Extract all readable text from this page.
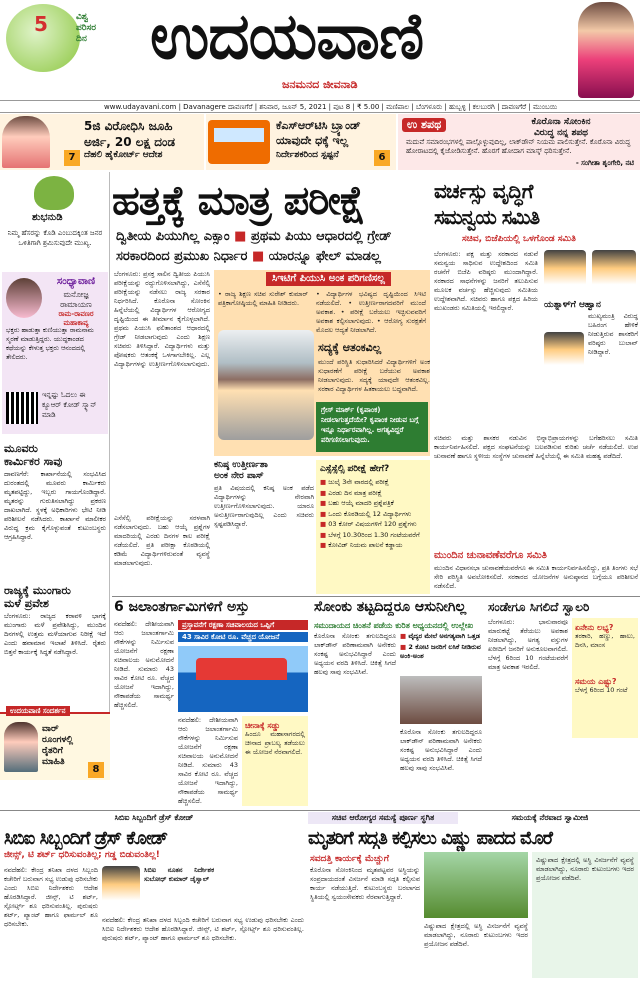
5	ವಿಶ್ವ
ಪರಿಸರ
ದಿನ ಉದಯವಾಣಿ
ಜನಮನದ ಜೀವನಾಡಿ
www.udayavani.com | Davanagere ದಾವಣಗೆರೆ | ಶನಿವಾರ, ಜೂನ್ 5, 2021 | ಪುಟ 8 | ₹ 5.00 | ಮಣಿಪಾಲ | ಬೆಂಗಳೂರು | ಹುಬ್ಬಳ್ಳಿ | ಕಲಬುರಗಿ | ದಾವಣಗೆರೆ | ಮುಂಬಯಿ
5ಜಿ ವಿರೋಧಿಸಿ ಜೂಹಿ
ಅರ್ಜಿ, 20 ಲಕ್ಷ ದಂಡ
ದೆಹಲಿ ಹೈಕೋರ್ಟ್ ಆದೇಶ
7
ಕೆಎಸ್ಆರ್‌ಟಿಸಿ ಬ್ರ್ಯಾಂಡ್
ಯಾವುದೇ ಧಕ್ಕೆ ಇಲ್ಲ
ನಿರ್ದೇಶಕರಿಂದ ಸ್ಪಷ್ಟನೆ	6
ಉ ಶಪಥ	ಕೊರೊನಾ ಸೋಂಕಿನ
ವಿರುದ್ಧ ನನ್ನ ಶಪಥ
ಮದುವೆ ಸಮಾರಂಭಗಳಲ್ಲಿ ಪಾಲ್ಗೊಳ್ಳುವುದಿಲ್ಲ, ಲಾಕ್‌ಡೌನ್ ನಿಯಮ ಪಾಲಿಸುತ್ತೇನೆ. ಕೊರೊನಾ ವಿರುದ್ಧ ಹೋರಾಟದಲ್ಲಿ ಕೈಜೋಡಿಸುತ್ತೇನೆ. ಹೊರಗೆ ಹೋದಾಗ ಮಾಸ್ಕ್ ಧರಿಸುತ್ತೇನೆ.
- ಸಂಗೀತಾ ಶೃಂಗೇರಿ, ನಟಿ
ಶುಭನುಡಿ
ನಿಮ್ಮ ಹೆಸರನ್ನು ಕೊಡಿ ಎಂಬುದಕ್ಕಿಂತ ಜನರ ಒಳಿತಿಗಾಗಿ ಶ್ರಮಿಸುವುದೇ ಮುಖ್ಯ.
ಸಂಧ್ಯಾವಾಣಿ
ಮನೋಜ್ಞ
ರಾಮಾಯಣ
ರಾಮ-ರಾವಣರ
ಮಹಾಕಾವ್ಯ
ಭಕ್ತರು ಹಾಡುತ್ತಾ ಕುಣಿಯುತ್ತಾ ರಾಮನಾಮ ಸ್ಮರಣೆ ಮಾಡುತ್ತಿದ್ದರು. ಯುದ್ಧಕಾಂಡದ ಕಥೆಯನ್ನು ಕೇಳುತ್ತ ಭಕ್ತರು ಆನಂದದಲ್ಲಿ ತೇಲಿದರು.
ಇನ್ನಷ್ಟು ಓದಲು ಈ ಕ್ಯೂಆರ್ ಕೋಡ್ ಸ್ಕ್ಯಾನ್ ಮಾಡಿ
ಮೂವರು
ಕಾರ್ಮಿಕರ ಸಾವು
ದಾವಣಗೆರೆ: ಕಾರ್ಖಾನೆಯಲ್ಲಿ ಸಂಭವಿಸಿದ ದುರಂತದಲ್ಲಿ ಮೂವರು ಕಾರ್ಮಿಕರು ಮೃತಪಟ್ಟಿದ್ದು, ಇಬ್ಬರು ಗಾಯಗೊಂಡಿದ್ದಾರೆ. ಮೃತರನ್ನು ಗುರುತಿಸಲಾಗಿದ್ದು ಪ್ರಕರಣ ದಾಖಲಾಗಿದೆ. ಸ್ಥಳಕ್ಕೆ ಅಧಿಕಾರಿಗಳು ಭೇಟಿ ನೀಡಿ ಪರಿಶೀಲನೆ ನಡೆಸಿದರು. ಕಾರ್ಖಾನೆ ಮಾಲೀಕರ ವಿರುದ್ಧ ಕ್ರಮ ಕೈಗೊಳ್ಳುವಂತೆ ಕುಟುಂಬಸ್ಥರು ಆಗ್ರಹಿಸಿದ್ದಾರೆ.
ರಾಜ್ಯಕ್ಕೆ ಮುಂಗಾರು
ಮಳೆ ಪ್ರವೇಶ
ಬೆಂಗಳೂರು: ರಾಜ್ಯದ ಕರಾವಳಿ ಭಾಗಕ್ಕೆ ಮುಂಗಾರು ಮಳೆ ಪ್ರವೇಶಿಸಿದ್ದು, ಮುಂದಿನ ದಿನಗಳಲ್ಲಿ ಉತ್ತಮ ಮಳೆಯಾಗುವ ನಿರೀಕ್ಷೆ ಇದೆ ಎಂದು ಹವಾಮಾನ ಇಲಾಖೆ ತಿಳಿಸಿದೆ. ರೈತರು ಬಿತ್ತನೆ ಕಾರ್ಯಕ್ಕೆ ಸಿದ್ಧತೆ ನಡೆಸಿದ್ದಾರೆ.
ಉದಯವಾಣಿ ಸಂದರ್ಶನ
ವಾರ್
ರೂಂಗಳಲ್ಲಿ
ರೈತರಿಗೆ
ಮಾಹಿತಿ
8
ಹತ್ತಕ್ಕೆ ಮಾತ್ರ ಪರೀಕ್ಷೆ
ದ್ವಿತೀಯ ಪಿಯುಗಿಲ್ಲ ಎಕ್ಸಾಂ ■ ಪ್ರಥಮ ಪಿಯು ಆಧಾರದಲ್ಲಿ ಗ್ರೇಡ್
ಸರಕಾರದಿಂದ ಪ್ರಮುಖ ನಿರ್ಧಾರ ■ ಯಾರನ್ನೂ ಫೇಲ್ ಮಾಡಲ್ಲ
ಬೆಂಗಳೂರು: ಪ್ರಸಕ್ತ ಸಾಲಿನ ದ್ವಿತೀಯ ಪಿಯುಸಿ ಪರೀಕ್ಷೆಯನ್ನು ರದ್ದುಗೊಳಿಸಲಾಗಿದ್ದು, ಎಸೆಸೆಲ್ಸಿ ಪರೀಕ್ಷೆಯನ್ನು ನಡೆಸಲು ರಾಜ್ಯ ಸರಕಾರ ನಿರ್ಧರಿಸಿದೆ. ಕೊರೊನಾ ಸೋಂಕಿನ ಹಿನ್ನೆಲೆಯಲ್ಲಿ ವಿದ್ಯಾರ್ಥಿಗಳ ಆರೋಗ್ಯದ ದೃಷ್ಟಿಯಿಂದ ಈ ತೀರ್ಮಾನ ಕೈಗೊಳ್ಳಲಾಗಿದೆ. ಪ್ರಥಮ ಪಿಯುಸಿ ಫಲಿತಾಂಶದ ಆಧಾರದಲ್ಲಿ ಗ್ರೇಡ್ ನೀಡಲಾಗುವುದು ಎಂದು ಶಿಕ್ಷಣ ಸಚಿವರು ತಿಳಿಸಿದ್ದಾರೆ. ವಿದ್ಯಾರ್ಥಿಗಳು ಮತ್ತು ಪೋಷಕರು ಆತಂಕಕ್ಕೆ ಒಳಗಾಗಬೇಕಿಲ್ಲ. ಎಲ್ಲ ವಿದ್ಯಾರ್ಥಿಗಳನ್ನು ಉತ್ತೀರ್ಣಗೊಳಿಸಲಾಗುವುದು.
ಸಿಇಟಿಗೆ ಪಿಯುಸಿ ಅಂಕ ಪರಿಗಣಿಸಲ್ಲ
• ರಾಜ್ಯ ಶಿಕ್ಷಣ ಸಚಿವ ಸುರೇಶ್ ಕುಮಾರ್ ಪತ್ರಿಕಾಗೋಷ್ಠಿಯಲ್ಲಿ ಮಾಹಿತಿ ನೀಡಿದರು.
• ವಿದ್ಯಾರ್ಥಿಗಳ ಭವಿಷ್ಯದ ದೃಷ್ಟಿಯಿಂದ ಸಿಇಟಿ ನಡೆಯಲಿದೆ. • ಉತ್ತೀರ್ಣರಾಗದವರಿಗೆ ಮುಂದೆ ಅವಕಾಶ. • ಪರೀಕ್ಷೆ ಬರೆಯಲು ಇಚ್ಛಿಸುವವರಿಗೆ ಅವಕಾಶ ಕಲ್ಪಿಸಲಾಗುವುದು. • ಆರೋಗ್ಯ ಸುರಕ್ಷತೆಗೆ ಮೊದಲ ಆದ್ಯತೆ ನೀಡಲಾಗಿದೆ.
ಗ್ರೇಸ್ ಮಾರ್ಕ್ (ಕೃಪಾಂಕ) ನೀಡಲಾಗುತ್ತದೆಯೇ? ಕೃಪಾಂಕ ನೀಡುವ ಬಗ್ಗೆ ಇನ್ನೂ ನಿರ್ಧಾರವಾಗಿಲ್ಲ. ಅಗತ್ಯವಿದ್ದರೆ ಪರಿಗಣಿಸಲಾಗುವುದು.
ಎಸೆಸೆಲ್ಸಿ ಪರೀಕ್ಷೆಯನ್ನು ಸರಳವಾಗಿ ನಡೆಸಲಾಗುವುದು. ಬಹು ಆಯ್ಕೆ ಪ್ರಶ್ನೆಗಳ ಮಾದರಿಯಲ್ಲಿ ಎರಡು ದಿನಗಳ ಕಾಲ ಪರೀಕ್ಷೆ ನಡೆಯಲಿದೆ. ಪ್ರತಿ ಪರೀಕ್ಷಾ ಕೊಠಡಿಯಲ್ಲಿ ಕಡಿಮೆ ವಿದ್ಯಾರ್ಥಿಗಳಿರುವಂತೆ ವ್ಯವಸ್ಥೆ ಮಾಡಲಾಗುವುದು.
ಕನಿಷ್ಠ ಉತ್ತೀರ್ಣತಾ
ಅಂಕ ನೇರ ಪಾಸ್
ಪ್ರತಿ ವಿಷಯದಲ್ಲಿ ಕನಿಷ್ಠ ಅಂಕ ಪಡೆದ ವಿದ್ಯಾರ್ಥಿಗಳನ್ನು ನೇರವಾಗಿ ಉತ್ತೀರ್ಣಗೊಳಿಸಲಾಗುವುದು. ಯಾರೂ ಅನುತ್ತೀರ್ಣರಾಗುವುದಿಲ್ಲ ಎಂದು ಸಚಿವರು ಸ್ಪಷ್ಟಪಡಿಸಿದ್ದಾರೆ.
ಎಸ್ಸೆಸ್ಸೆಲ್ಸಿ ಪರೀಕ್ಷೆ ಹೇಗೆ?
■ ಜುಲೈ 3ನೇ ವಾರದಲ್ಲಿ ಪರೀಕ್ಷೆ
■ ಎರಡು ದಿನ ಮಾತ್ರ ಪರೀಕ್ಷೆ
■ ಬಹು ಆಯ್ಕೆ ಮಾದರಿ ಪ್ರಶ್ನೆಪತ್ರಿಕೆ
■ ಒಂದು ಕೊಠಡಿಯಲ್ಲಿ 12 ವಿದ್ಯಾರ್ಥಿಗಳು
■ 03 ಕೋರ್ ವಿಷಯಗಳಿಗೆ 120 ಪ್ರಶ್ನೆಗಳು
■ ಬೆಳಗ್ಗೆ 10.30ರಿಂದ 1.30 ಗಂಟೆಯವರೆಗೆ
■ ಕೋವಿಡ್ ನಿಯಮ ಪಾಲನೆ ಕಡ್ಡಾಯ
ಸದ್ಯಕ್ಕೆ ಆತಂಕವಿಲ್ಲ
ಮುಂದೆ ಪರಿಸ್ಥಿತಿ ಸುಧಾರಿಸಿದರೆ ವಿದ್ಯಾರ್ಥಿಗಳಿಗೆ ಅಂಕ ಸುಧಾರಣೆಗೆ ಪರೀಕ್ಷೆ ಬರೆಯುವ ಅವಕಾಶ ನೀಡಲಾಗುವುದು. ಸದ್ಯಕ್ಕೆ ಯಾವುದೇ ಆತಂಕವಿಲ್ಲ. ಸರಕಾರ ವಿದ್ಯಾರ್ಥಿಗಳ ಹಿತಕಾಯಲು ಬದ್ಧವಾಗಿದೆ.
ವರ್ಚಸ್ಸು ವೃದ್ಧಿಗೆ
ಸಮನ್ವಯ ಸಮಿತಿ
ಸಚಿವ, ಬಿಜೆಪಿಯಲ್ಲಿ ಒಳಗೊಂಡ ಸಮಿತಿ
ಬೆಂಗಳೂರು: ಪಕ್ಷ ಮತ್ತು ಸರಕಾರದ ನಡುವೆ ಸಮನ್ವಯ ಸಾಧಿಸುವ ಉದ್ದೇಶದಿಂದ ಸಮಿತಿ ರಚನೆಗೆ ಬಿಜೆಪಿ ವರಿಷ್ಠರು ಮುಂದಾಗಿದ್ದಾರೆ. ಸರಕಾರದ ಸಾಧನೆಗಳನ್ನು ಜನರಿಗೆ ತಲುಪಿಸುವ ಮೂಲಕ ವರ್ಚಸ್ಸು ಹೆಚ್ಚಿಸುವುದು ಸಮಿತಿಯ ಉದ್ದೇಶವಾಗಿದೆ. ಸಚಿವರು ಹಾಗೂ ಪಕ್ಷದ ಹಿರಿಯ ಮುಖಂಡರು ಸಮಿತಿಯಲ್ಲಿ ಇರಲಿದ್ದಾರೆ.	ಯತ್ನಾಳ್‌ಗೆ ಆಹ್ವಾನ
ಮುಖ್ಯಮಂತ್ರಿ ವಿರುದ್ಧ ಬಹಿರಂಗ ಹೇಳಿಕೆ ನೀಡುತ್ತಿರುವ ಶಾಸಕರಿಗೆ ವರಿಷ್ಠರು ಬುಲಾವ್ ನೀಡಿದ್ದಾರೆ.
ಸಚಿವರು ಮತ್ತು ಶಾಸಕರ ನಡುವಿನ ಭಿನ್ನಾಭಿಪ್ರಾಯಗಳನ್ನು ಬಗೆಹರಿಸಲು ಸಮಿತಿ ಕಾರ್ಯನಿರ್ವಹಿಸಲಿದೆ. ಪಕ್ಷದ ಸಂಘಟನೆಯನ್ನು ಬಲಪಡಿಸುವ ಕುರಿತು ಚರ್ಚೆ ನಡೆಯಲಿದೆ. ಉಪ ಚುನಾವಣೆ ಹಾಗೂ ಸ್ಥಳೀಯ ಸಂಸ್ಥೆಗಳ ಚುನಾವಣೆ ಹಿನ್ನೆಲೆಯಲ್ಲಿ ಈ ಸಮಿತಿ ಮಹತ್ವ ಪಡೆದಿದೆ.
ಮುಂದಿನ ಚುನಾವಣೆವರೆಗೂ ಸಮಿತಿ
ಮುಂದಿನ ವಿಧಾನಸಭಾ ಚುನಾವಣೆಯವರೆಗೂ ಈ ಸಮಿತಿ ಕಾರ್ಯನಿರ್ವಹಿಸಲಿದ್ದು, ಪ್ರತಿ ತಿಂಗಳು ಸಭೆ ಸೇರಿ ಪರಿಸ್ಥಿತಿ ಅವಲೋಕಿಸಲಿದೆ. ಸರಕಾರದ ಯೋಜನೆಗಳ ಅನುಷ್ಠಾನದ ಬಗ್ಗೆಯೂ ಪರಿಶೀಲನೆ ನಡೆಸಲಿದೆ.
6 ಜಲಾಂತರ್ಗಾಮಿಗಳಿಗೆ ಅಸ್ತು
ನವದೆಹಲಿ: ದೇಶೀಯವಾಗಿ ಆರು ಜಲಾಂತರ್ಗಾಮಿ ನೌಕೆಗಳನ್ನು ನಿರ್ಮಿಸುವ ಯೋಜನೆಗೆ ರಕ್ಷಣಾ ಸಚಿವಾಲಯ ಅನುಮೋದನೆ ನೀಡಿದೆ. ಸುಮಾರು 43 ಸಾವಿರ ಕೋಟಿ ರೂ. ವೆಚ್ಚದ ಯೋಜನೆ ಇದಾಗಿದ್ದು, ನೌಕಾಪಡೆಯ ಸಾಮರ್ಥ್ಯ ಹೆಚ್ಚಿಸಲಿದೆ.
ಪ್ರಸ್ತಾವನೆಗೆ ರಕ್ಷಣಾ ಸಚಿವಾಲಯದ ಒಪ್ಪಿಗೆ
43 ಸಾವಿರ ಕೋಟಿ ರೂ. ವೆಚ್ಚದ ಯೋಜನೆ
ನವದೆಹಲಿ: ದೇಶೀಯವಾಗಿ ಆರು ಜಲಾಂತರ್ಗಾಮಿ ನೌಕೆಗಳನ್ನು ನಿರ್ಮಿಸುವ ಯೋಜನೆಗೆ ರಕ್ಷಣಾ ಸಚಿವಾಲಯ ಅನುಮೋದನೆ ನೀಡಿದೆ. ಸುಮಾರು 43 ಸಾವಿರ ಕೋಟಿ ರೂ. ವೆಚ್ಚದ ಯೋಜನೆ ಇದಾಗಿದ್ದು, ನೌಕಾಪಡೆಯ ಸಾಮರ್ಥ್ಯ ಹೆಚ್ಚಿಸಲಿದೆ.
ಚೀನಾಕ್ಕೆ ಸಡ್ಡು
ಹಿಂದೂ ಮಹಾಸಾಗರದಲ್ಲಿ ಚೀನಾದ ಪ್ರಾಬಲ್ಯ ತಡೆಯಲು ಈ ಯೋಜನೆ ನೆರವಾಗಲಿದೆ.
ಸೋಂಕು ತಟ್ಟದಿದ್ದರೂ ಆಸುನೀಗಿಲ್ಲ
ಸಮುದಾಯದ ಚಿಂತನೆ ಪಡೆಯ ಕುರಿತ ಅಧ್ಯಯನದಲ್ಲಿ ಉಲ್ಲೇಖ
ಕೊರೊನಾ ಸೋಂಕು ತಗುಲದಿದ್ದರೂ ಲಾಕ್‌ಡೌನ್ ಪರಿಣಾಮವಾಗಿ ಅನೇಕರು ಸಂಕಷ್ಟ ಅನುಭವಿಸಿದ್ದಾರೆ ಎಂದು ಅಧ್ಯಯನ ವರದಿ ತಿಳಿಸಿದೆ. ಚಿಕಿತ್ಸೆ ಸಿಗದೆ ಹಲವು ಸಾವು ಸಂಭವಿಸಿವೆ.
■ ವೈದ್ಯರ ಮೇಲೆ ಅನಗತ್ಯವಾಗಿ ಒತ್ತಡ
■ 2 ಕೋಟಿ ಜನರಿಗೆ ಲಸಿಕೆ ನೀಡಿರುವ ಅಂಕಿ-ಅಂಶ
ಕೊರೊನಾ ಸೋಂಕು ತಗುಲದಿದ್ದರೂ ಲಾಕ್‌ಡೌನ್ ಪರಿಣಾಮವಾಗಿ ಅನೇಕರು ಸಂಕಷ್ಟ ಅನುಭವಿಸಿದ್ದಾರೆ ಎಂದು ಅಧ್ಯಯನ ವರದಿ ತಿಳಿಸಿದೆ. ಚಿಕಿತ್ಸೆ ಸಿಗದೆ ಹಲವು ಸಾವು ಸಂಭವಿಸಿವೆ.
ಸಂಡೇಗೂ ಸಿಗಲಿದೆ ಸ್ವಾಲರಿ
ಬೆಂಗಳೂರು: ಭಾನುವಾರವೂ ಮಾರುಕಟ್ಟೆ ತೆರೆಯಲು ಅವಕಾಶ ನೀಡಲಾಗಿದ್ದು, ಅಗತ್ಯ ವಸ್ತುಗಳ ಖರೀದಿಗೆ ಜನರಿಗೆ ಅನುಕೂಲವಾಗಲಿದೆ. ಬೆಳಗ್ಗೆ 6ರಿಂದ 10 ಗಂಟೆಯವರೆಗೆ ಮಾತ್ರ ಅವಕಾಶ ಇರಲಿದೆ.
ಏನೇನು ಲಭ್ಯ?
ತರಕಾರಿ, ಹಣ್ಣು, ಹಾಲು, ದಿನಸಿ, ಮಾಂಸ
ಸಮಯ ಎಷ್ಟು?
ಬೆಳಗ್ಗೆ 6ರಿಂದ 10 ಗಂಟೆ
ಸಿಬಿಐ ಸಿಬ್ಬಂದಿಗೆ ಡ್ರೆಸ್ ಕೋಡ್	ಸಚಿವ ಆರೋಗ್ಯರ ಸಮಸ್ಯೆ ಪೂರ್ಣ ಸ್ಥಗಿತ	ಸಮಯಕ್ಕೆ ನೆರವಾದ ಸ್ವಾಮೀಜಿ
ಸಿಬಿಐ ಸಿಬ್ಬಂದಿಗೆ ಡ್ರೆಸ್ ಕೋಡ್
ಜೀನ್ಸ್, ಟಿ ಶರ್ಟ್ ಧರಿಸುವಂತಿಲ್ಲ; ಗಡ್ಡ ಬಿಡುವಂತಿಲ್ಲ!
ನವದೆಹಲಿ: ಕೇಂದ್ರ ತನಿಖಾ ದಳದ ಸಿಬ್ಬಂದಿ ಕಚೇರಿಗೆ ಬರುವಾಗ ಸಭ್ಯ ಉಡುಪು ಧರಿಸಬೇಕು ಎಂದು ಸಿಬಿಐ ನಿರ್ದೇಶಕರು ಆದೇಶ ಹೊರಡಿಸಿದ್ದಾರೆ. ಜೀನ್ಸ್, ಟಿ ಶರ್ಟ್, ಸ್ಪೋರ್ಟ್ಸ್ ಶೂ ಧರಿಸುವಂತಿಲ್ಲ. ಪುರುಷರು ಶರ್ಟ್, ಪ್ಯಾಂಟ್ ಹಾಗೂ ಫಾರ್ಮಲ್ ಶೂ ಧರಿಸಬೇಕು.
ಸಿಬಿಐ ನೂತನ ನಿರ್ದೇಶಕ ಸುಬೋಧ್ ಕುಮಾರ್ ಜೈಸ್ವಾಲ್
ನವದೆಹಲಿ: ಕೇಂದ್ರ ತನಿಖಾ ದಳದ ಸಿಬ್ಬಂದಿ ಕಚೇರಿಗೆ ಬರುವಾಗ ಸಭ್ಯ ಉಡುಪು ಧರಿಸಬೇಕು ಎಂದು ಸಿಬಿಐ ನಿರ್ದೇಶಕರು ಆದೇಶ ಹೊರಡಿಸಿದ್ದಾರೆ. ಜೀನ್ಸ್, ಟಿ ಶರ್ಟ್, ಸ್ಪೋರ್ಟ್ಸ್ ಶೂ ಧರಿಸುವಂತಿಲ್ಲ. ಪುರುಷರು ಶರ್ಟ್, ಪ್ಯಾಂಟ್ ಹಾಗೂ ಫಾರ್ಮಲ್ ಶೂ ಧರಿಸಬೇಕು.
ಮೃತರಿಗೆ ಸದ್ಗತಿ ಕಲ್ಪಿಸಲು ವಿಷ್ಣು ಪಾದದ ಮೊರೆ
ಸವದತ್ತಿ ಕಾರ್ಯಕ್ಕೆ ಮೆಚ್ಚುಗೆ
ಕೊರೊನಾ ಸೋಂಕಿನಿಂದ ಮೃತಪಟ್ಟವರ ಅಸ್ಥಿಯನ್ನು ಸಂಪ್ರದಾಯದಂತೆ ವಿಸರ್ಜನೆ ಮಾಡಿ ಸದ್ಗತಿ ಕಲ್ಪಿಸುವ ಕಾರ್ಯ ನಡೆಯುತ್ತಿದೆ. ಕುಟುಂಬಸ್ಥರು ಬರಲಾಗದ ಸ್ಥಿತಿಯಲ್ಲಿ ಸ್ವಯಂಸೇವಕರು ನೆರವಾಗುತ್ತಿದ್ದಾರೆ.
ವಿಷ್ಣುಪಾದ ಕ್ಷೇತ್ರದಲ್ಲಿ ಅಸ್ಥಿ ವಿಸರ್ಜನೆಗೆ ವ್ಯವಸ್ಥೆ ಮಾಡಲಾಗಿದ್ದು, ನೂರಾರು ಕುಟುಂಬಗಳು ಇದರ ಪ್ರಯೋಜನ ಪಡೆದಿವೆ.
ವಿಷ್ಣುಪಾದ ಕ್ಷೇತ್ರದಲ್ಲಿ ಅಸ್ಥಿ ವಿಸರ್ಜನೆಗೆ ವ್ಯವಸ್ಥೆ ಮಾಡಲಾಗಿದ್ದು, ನೂರಾರು ಕುಟುಂಬಗಳು ಇದರ ಪ್ರಯೋಜನ ಪಡೆದಿವೆ.
